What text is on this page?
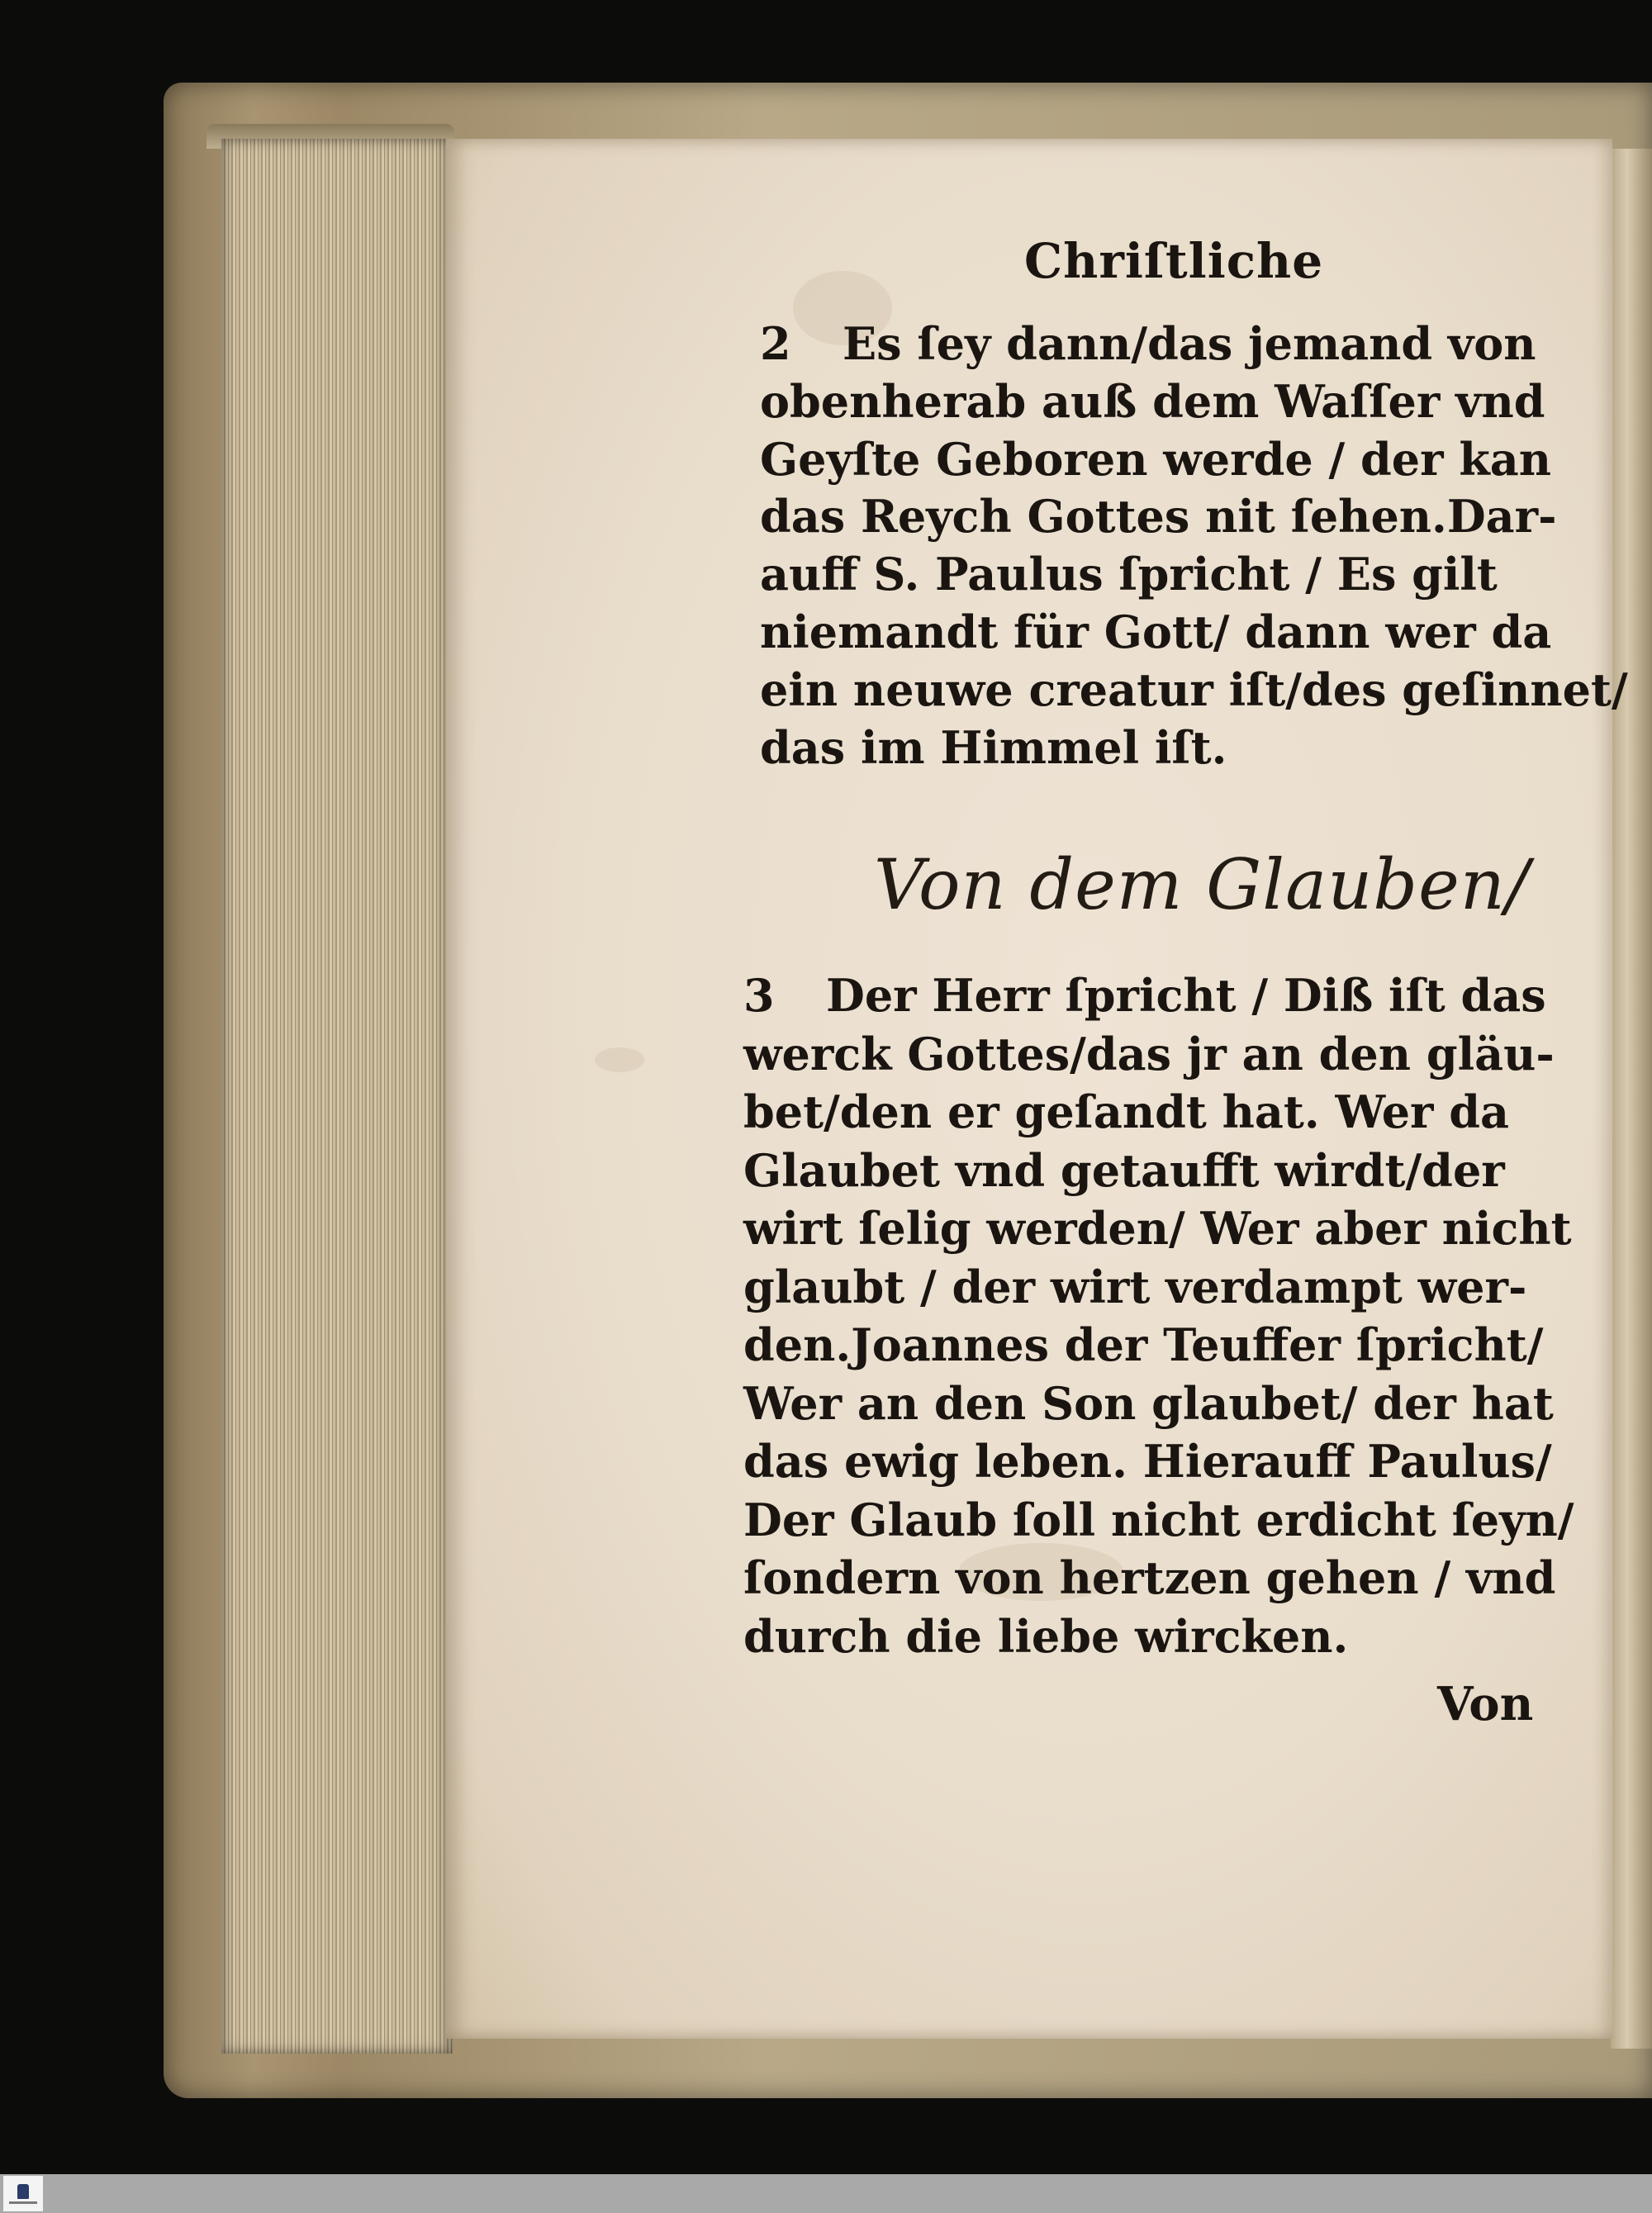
Chriſtliche
2 Es ſey dann/das jemand von
obenherab auß dem Waſſer vnd
Geyſte Geboren werde / der kan
das Reych Gottes nit ſehen.Dar-
auff S. Paulus ſpricht / Es gilt
niemandt für Gott/ dann wer da
ein neuwe creatur iſt/des geſinnet/
das im Himmel iſt.
Von dem Glauben/
3 Der Herr ſpricht / Diß iſt das
werck Gottes/das jr an den gläu-
bet/den er geſandt hat. Wer da
Glaubet vnd getaufft wirdt/der
wirt ſelig werden/ Wer aber nicht
glaubt / der wirt verdampt wer-
den.Joannes der Teuffer ſpricht/
Wer an den Son glaubet/ der hat
das ewig leben. Hierauff Paulus/
Der Glaub ſoll nicht erdicht ſeyn/
ſondern von hertzen gehen / vnd
durch die liebe wircken.
Von
